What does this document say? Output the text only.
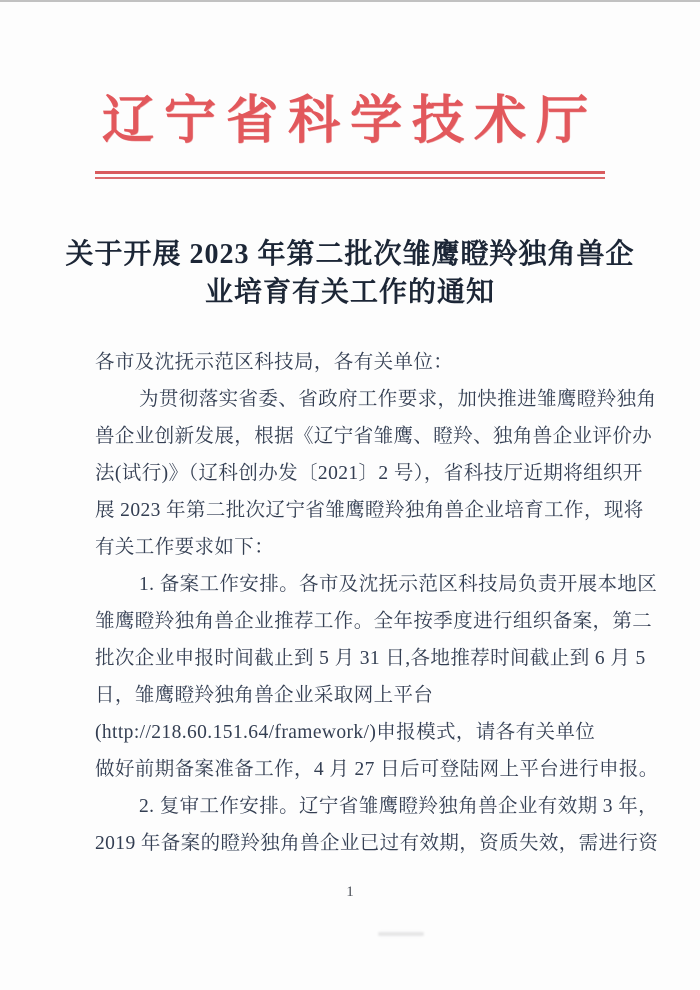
辽宁省科学技术厅
关于开展 2023 年第二批次雏鹰瞪羚独角兽企
业培育有关工作的通知
各市及沈抚示范区科技局，各有关单位：
为贯彻落实省委、省政府工作要求，加快推进雏鹰瞪羚独角
兽企业创新发展，根据《辽宁省雏鹰、瞪羚、独角兽企业评价办
法(试行)》（辽科创办发〔2021〕2 号），省科技厅近期将组织开
展 2023 年第二批次辽宁省雏鹰瞪羚独角兽企业培育工作，现将
有关工作要求如下：
1. 备案工作安排。各市及沈抚示范区科技局负责开展本地区
雏鹰瞪羚独角兽企业推荐工作。全年按季度进行组织备案，第二
批次企业申报时间截止到 5 月 31 日,各地推荐时间截止到 6 月 5
日，雏鹰瞪羚独角兽企业采取网上平台
(http://218.60.151.64/framework/)申报模式，请各有关单位
做好前期备案准备工作，4 月 27 日后可登陆网上平台进行申报。
2. 复审工作安排。辽宁省雏鹰瞪羚独角兽企业有效期 3 年，
2019 年备案的瞪羚独角兽企业已过有效期，资质失效，需进行资
1
